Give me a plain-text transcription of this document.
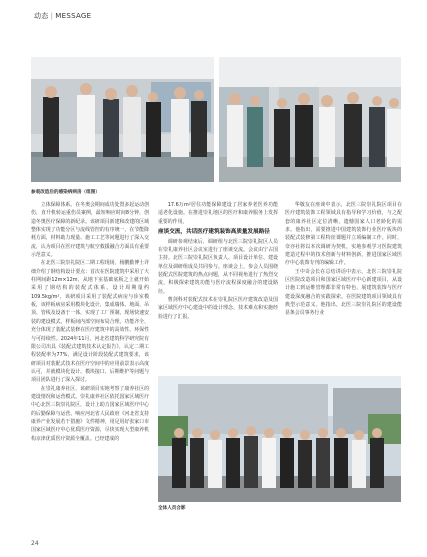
动态 | MESSAGE
参观改造后的感染病病房（组图）

立体保障体系。在冬奥会期间成功处置多起运动创伤，直升机转运重伤员案例，最短响应时间8分钟，创造冬奥医疗保障的新纪录。该研项目新建和改建的区域整体实现了功能分区与流线管控的有序统一，在节能降耗方面，材料助力现量、施工工艺等问题进行了深入交流，认为项目在医疗建筑与航空救援融合方面具有重要示范意义。

在北医三院崇礼院区二期工程现场，杨鹏勤博士详细介绍了钢结构设计要点：首次在医院建筑中采用了大柱网间距12m×12m，从地下室基础底板之上就开始采用了钢结构的装配式体系。设计周期量约109.5kg/m²，该研项目采用了装配式病房与诊室模板，该样板病房采用模块化设计，集成墙体、地面、吊顶、管线及设备于一体，实现了工厂预制、现场快速安装的建设模式，样板间内部空间布局合理，功能齐全，充分体现了装配式装修在医疗建筑中的高效性、环保性与可持续性。2024年11月，河北省建筑科学研究院有限公司出具《装配式建筑技术认定报告》，认定二期工程装配率为77%，满足设计阶段装配式建筑要求，该研项目对装配式技术在医疗空间中的应用前景表示高度认可，并就模块化设计、模块接口、后期维护等问题与项目团队进行了深入探讨。

在崇礼康养社区，该研项目实地考察了康养社区的建设情况和运营模式。崇礼康养社区依托国家区域医疗中心北医三院崇礼院区，设计上助力国家区域医疗中心的后勤保障与运营。响应河北省人民政府《河北省支持康养产业发展若干措施》文件精神，用足用好张家口市国家区域医疗中心优质医疗资源，尽快实现大型康养机构京津优质医疗资源全覆盖。已经建成的

17.6万m²居住功能保障建设了居家养老医养功能适老化设施。在推进崇礼地区的医疗和康养服务上发挥重要的作用。

座谈交流，共话医疗建筑装饰高质量发展路径

调研参观结束后，调研组与北医三院崇礼院区人员在崇礼康养社区会议室进行了座谈交流。会议由宁占国主持。北医三院崇礼院区负责人、项目设计单位、建设单位及调研组成员共同参与。座谈会上，参会人员围绕装配式医院建筑的热点问题，从不同视角进行了热烈交流，积极探索建筑功能与医疗流程深度融合的建设路径。

曹剑科对装配式技术在崇礼院区医疗建筑改造及国家区域医疗中心建设中的设计理念、技术难点和实施经验进行了汇报。

华敬友在座谈中表示，北医三院崇礼院区项目在医疗建筑装饰工程领域具有指导和学习价值，与之配套的康养社区定位清晰，遗憾国家人口老龄化的需求。他指出，需要推进中国建筑装饰行业医疗板块的装配式装修第工程特征课题并立项编制工作。同时，奈亦社将以本次调研为契机，实地参观学习医院建筑建造过程中的技术创新与材料创新，推进国家区域医疗中心装饰专刊的编辑工作。

王中奇会长在总结讲话中表示，北医三院崇礼院区医院改造项目和国家区域医疗中心新建项目，从设计施工到运维管理都非常有特色，展建筑装饰与医疗建设深度融合的实践探索。在医院建筑项目领域具有典型示范意义。他指出，北医三院崇礼院区的建设能显条会员事务行业

全体人员合影
24
